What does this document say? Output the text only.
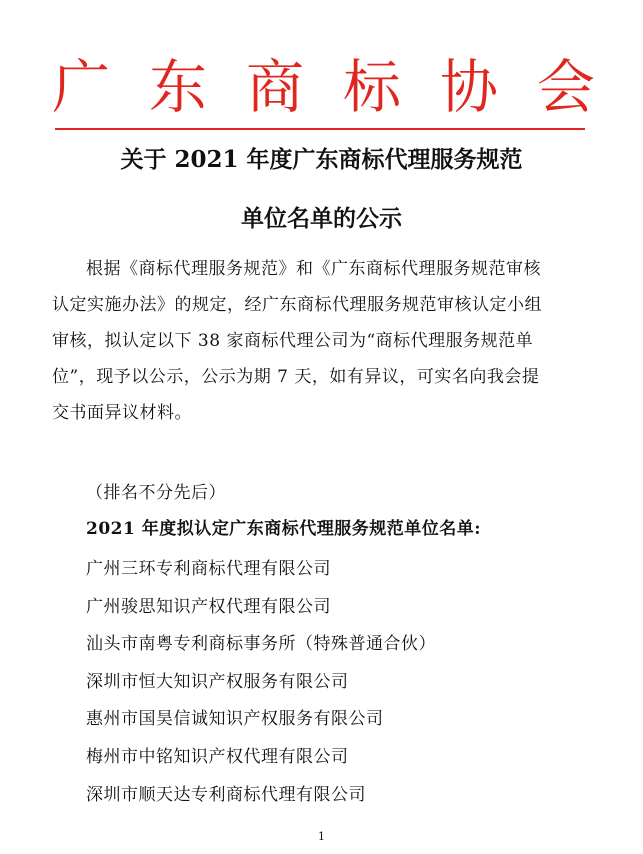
广 东 商 标 协 会
关于 2021 年度广东商标代理服务规范
单位名单的公示
根据《商标代理服务规范》和《广东商标代理服务规范审核
认定实施办法》的规定，经广东商标代理服务规范审核认定小组
审核，拟认定以下 38 家商标代理公司为“商标代理服务规范单
位”，现予以公示，公示为期 7 天，如有异议，可实名向我会提
交书面异议材料。
（排名不分先后）
2021 年度拟认定广东商标代理服务规范单位名单:
广州三环专利商标代理有限公司
广州骏思知识产权代理有限公司
汕头市南粤专利商标事务所（特殊普通合伙）
深圳市恒大知识产权服务有限公司
惠州市国昊信诚知识产权服务有限公司
梅州市中铭知识产权代理有限公司
深圳市顺天达专利商标代理有限公司
1
